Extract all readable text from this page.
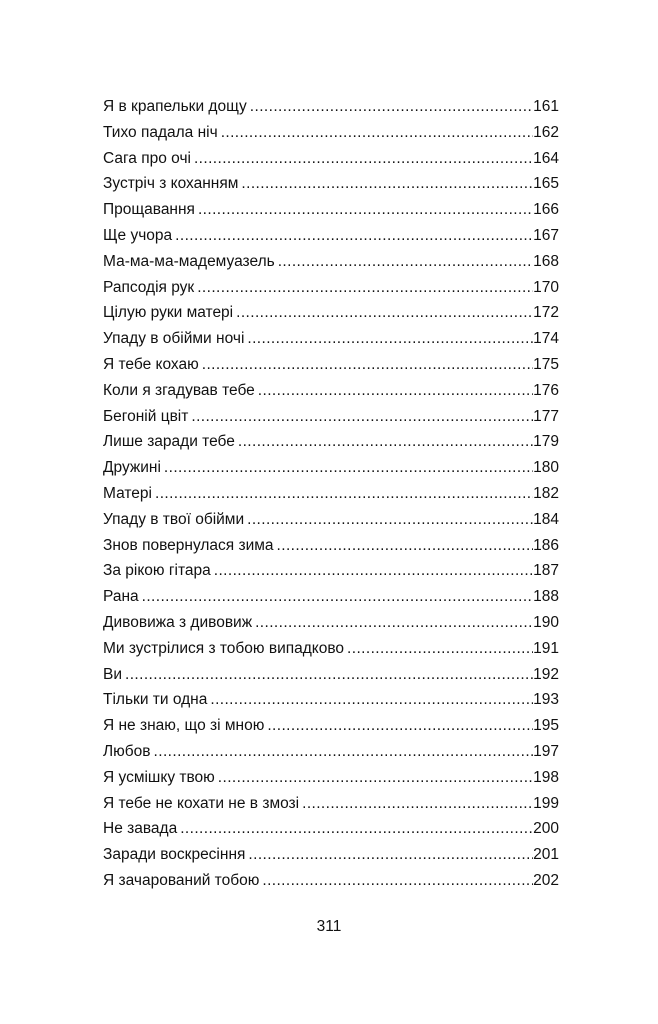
Я в крапельки дощу .....	161
Тихо падала ніч .....	162
Сага про очі .....	164
Зустріч з коханням .....	165
Прощавання .....	166
Ще учора .....	167
Ма-ма-ма-мадемуазель .....	168
Рапсодія рук .....	170
Цілую руки матері .....	172
Упаду в обійми ночі .....	174
Я тебе кохаю .....	175
Коли я згадував тебе .....	176
Бегоній цвіт .....	177
Лише заради тебе .....	179
Дружині .....	180
Матері .....	182
Упаду в твої обійми .....	184
Знов повернулася зима .....	186
За рікою гітара .....	187
Рана .....	188
Дивовижа з дивовиж .....	190
Ми зустрілися з тобою випадково .....	191
Ви .....	192
Тільки ти одна .....	193
Я не знаю, що зі мною .....	195
Любов .....	197
Я усмішку твою .....	198
Я тебе не кохати не в змозі .....	199
Не завада .....	200
Заради воскресіння .....	201
Я зачарований тобою .....	202
311
